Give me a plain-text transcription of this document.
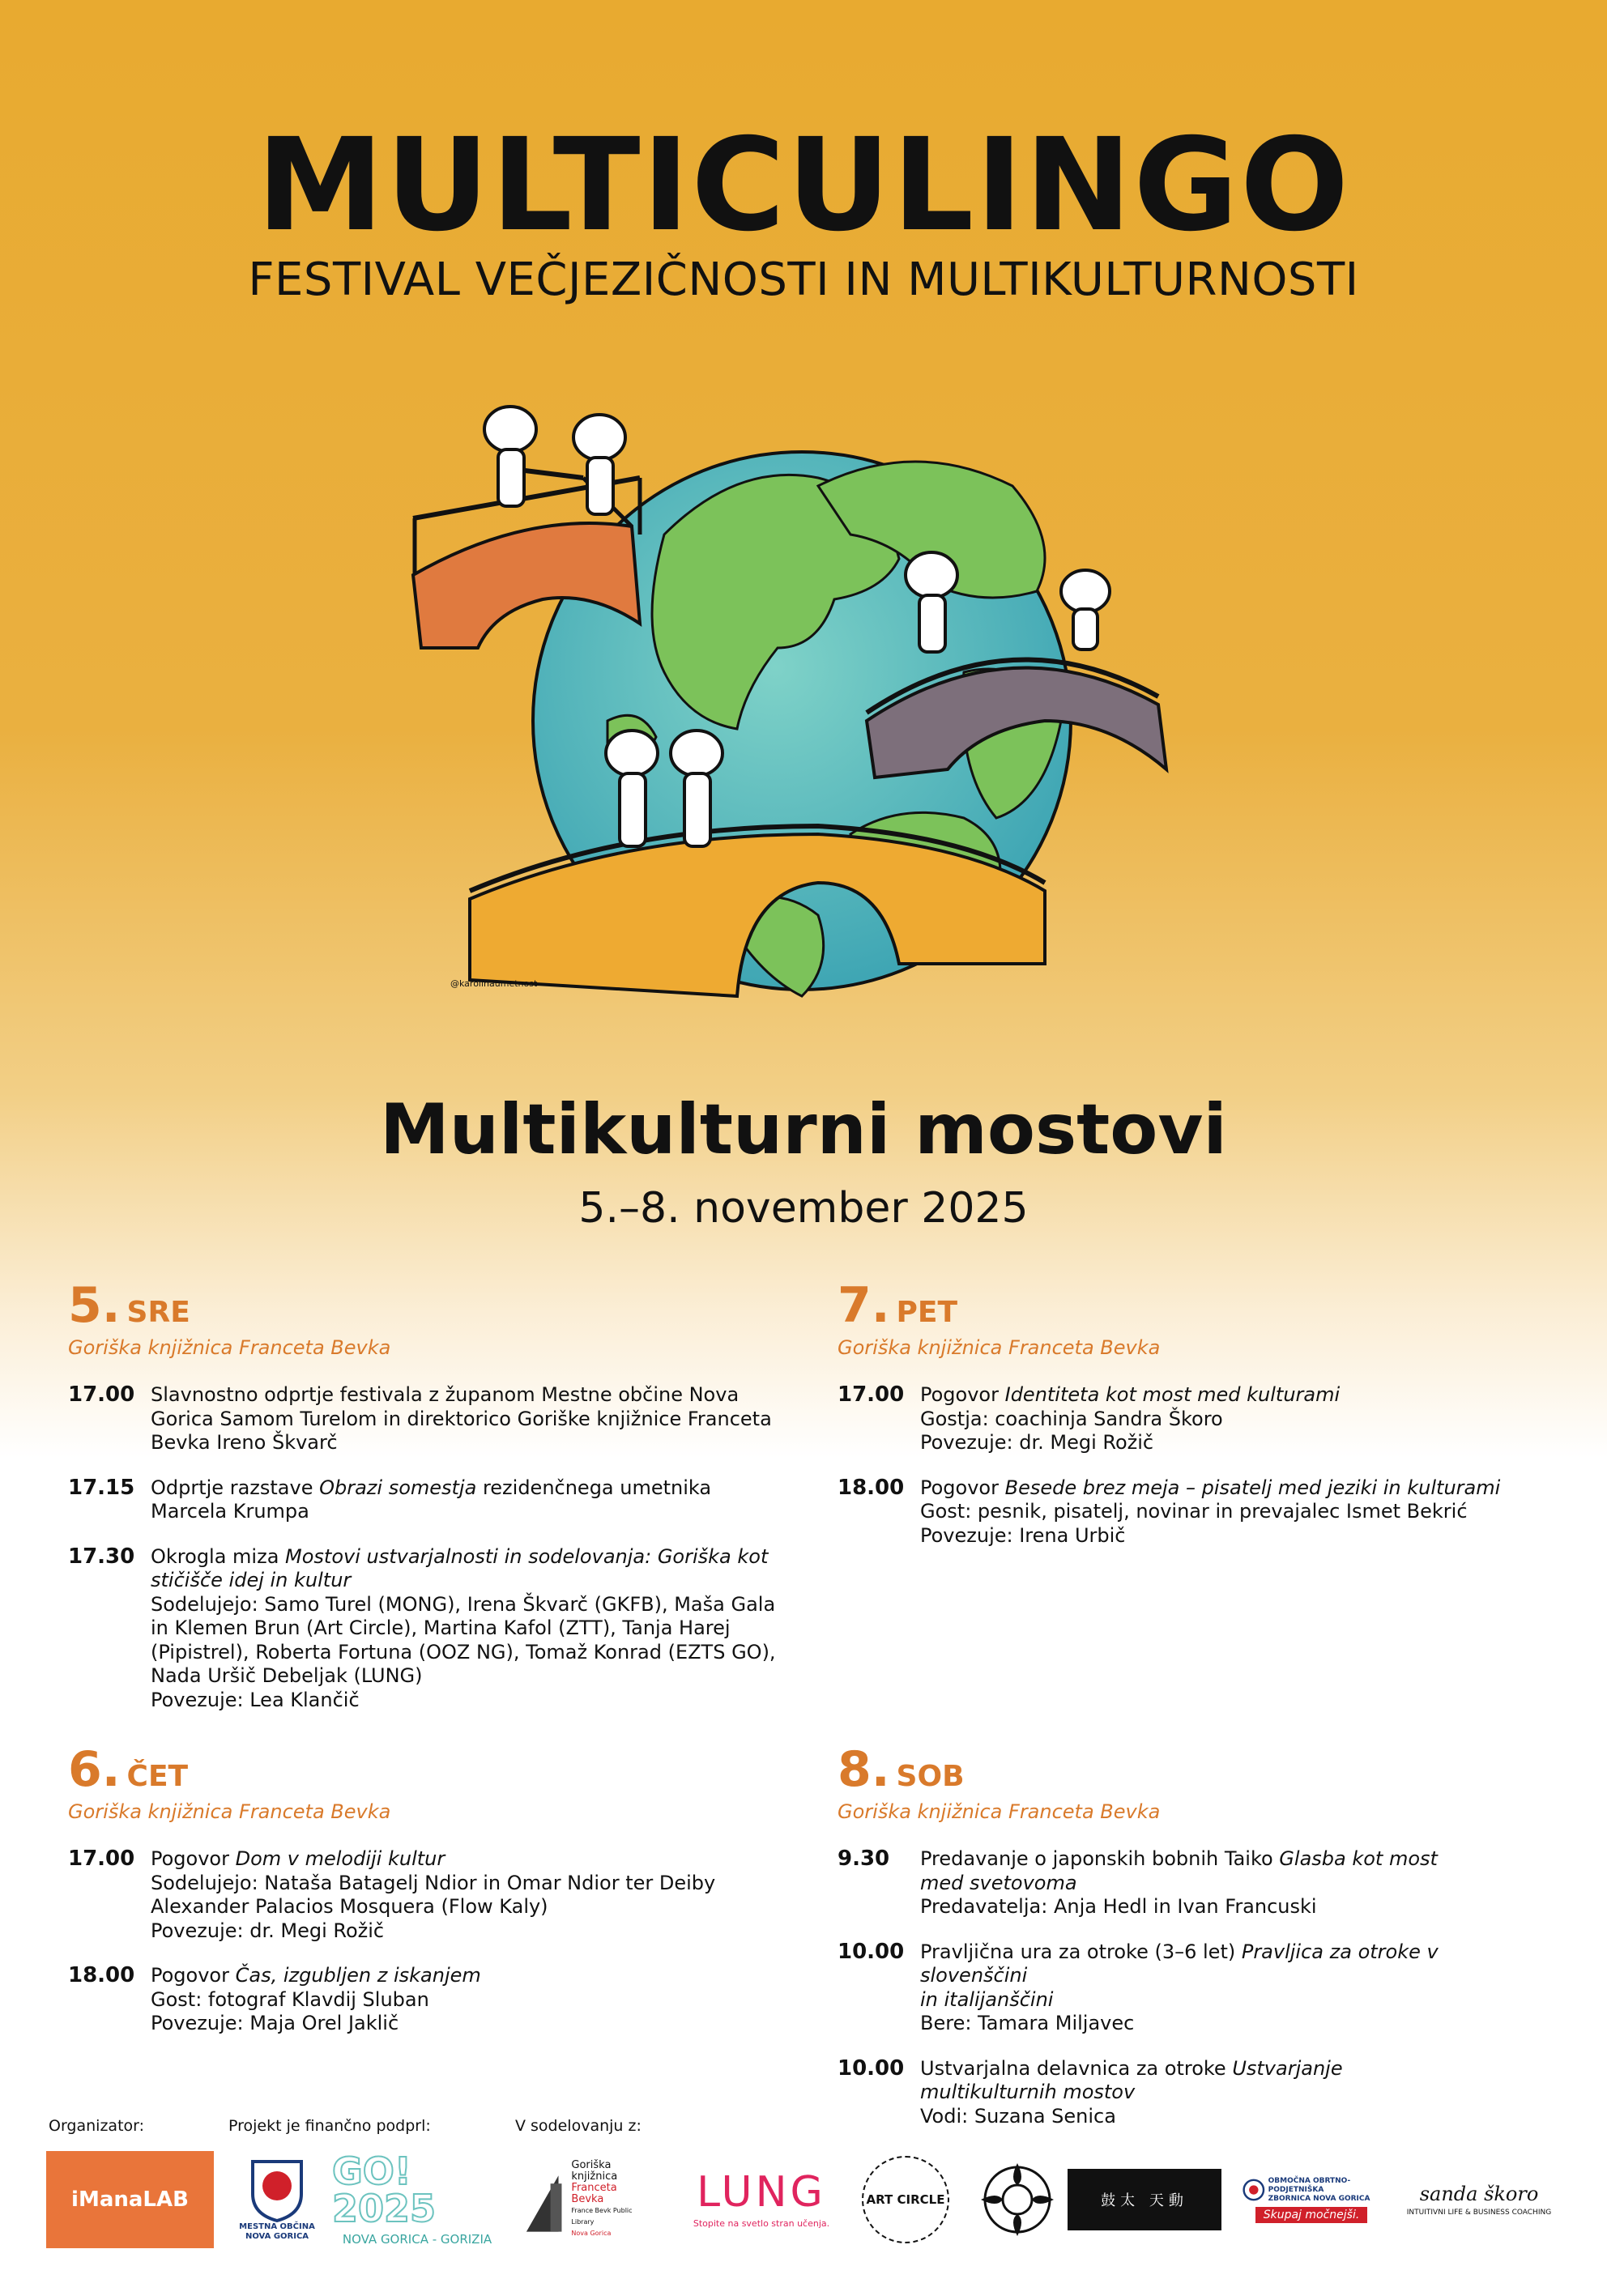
MULTICULINGO
FESTIVAL VEČJEZIČNOSTI IN MULTIKULTURNOSTI
@karolinaumetnost
Multikulturni mostovi
5.–8. november 2025
5. SRE
Goriška knjižnica Franceta Bevka
17.00 Slavnostno odprtje festivala z županom Mestne občine Nova
Gorica Samom Turelom in direktorico Goriške knjižnice Franceta
Bevka Ireno Škvarč
17.15 Odprtje razstave Obrazi somestja rezidenčnega umetnika
Marcela Krumpa
17.30 Okrogla miza Mostovi ustvarjalnosti in sodelovanja: Goriška kot
stičišče idej in kultur
Sodelujejo: Samo Turel (MONG), Irena Škvarč (GKFB), Maša Gala
in Klemen Brun (Art Circle), Martina Kafol (ZTT), Tanja Harej
(Pipistrel), Roberta Fortuna (OOZ NG), Tomaž Konrad (EZTS GO),
Nada Uršič Debeljak (LUNG)
Povezuje: Lea Klančič
6. ČET
Goriška knjižnica Franceta Bevka
17.00 Pogovor Dom v melodiji kultur
Sodelujejo: Nataša Batagelj Ndior in Omar Ndior ter Deiby
Alexander Palacios Mosquera (Flow Kaly)
Povezuje: dr. Megi Rožič
18.00 Pogovor Čas, izgubljen z iskanjem
Gost: fotograf Klavdij Sluban
Povezuje: Maja Orel Jaklič
7. PET
Goriška knjižnica Franceta Bevka
17.00 Pogovor Identiteta kot most med kulturami
Gostja: coachinja Sandra Škoro
Povezuje: dr. Megi Rožič
18.00 Pogovor Besede brez meja – pisatelj med jeziki in kulturami
Gost: pesnik, pisatelj, novinar in prevajalec Ismet Bekrić
Povezuje: Irena Urbič
8. SOB
Goriška knjižnica Franceta Bevka
9.30	Predavanje o japonskih bobnih Taiko Glasba kot most
med svetovoma
Predavatelja: Anja Hedl in Ivan Francuski
10.00 Pravljična ura za otroke (3–6 let) Pravljica za otroke v slovenščini
in italijanščini
Bere: Tamara Miljavec
10.00 Ustvarjalna delavnica za otroke Ustvarjanje
multikulturnih mostov
Vodi: Suzana Senica
Organizator:	Projekt je finančno podprl:	V sodelovanju z:
iManaLAB
MESTNA OBČINA
NOVA GORICA
GO! 2025
NOVA GORICA - GORIZIA
Goriška
knjižnica
Franceta
Bevka
France Bevk Public Library
Nova Gorica
LUNG
Stopite na svetlo stran učenja.
ART CIRCLE	鼓太 天動
OBMOČNA OBRTNO-PODJETNIŠKA
ZBORNICA NOVA GORICA
Skupaj močnejši.
sanda škoro
INTUITIVNI LIFE & BUSINESS COACHING
